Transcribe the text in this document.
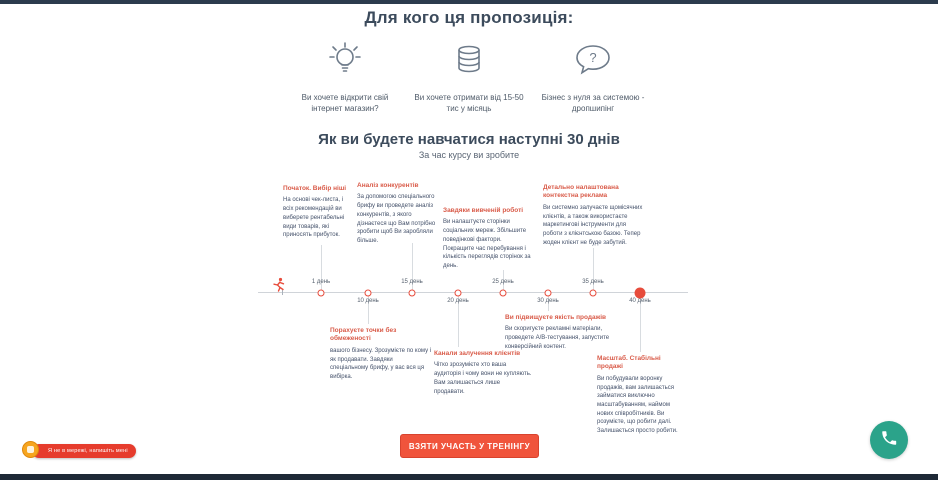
Для кого ця пропозиція:
Ви хочете відкрити свій інтернет магазин?
Ви хочете отримати від 15-50 тис у місяць
?
Бізнес з нуля за системою - дропшипінг
Як ви будете навчатися наступні 30 днів
За час курсу ви зробите
1 день
10 день
15 день
20 день
25 день
30 день
35 день
40 день
Початок. Вибір ніші
На основі чек-листа, і всіх рекомендацій ви виберете рентабельні види товарів, які приносять прибуток.
Аналіз конкурентів
За допомогою спеціального брифу ви проведете аналіз конкурентів, з якого дізнаєтеся що Вам потрібно зробити щоб Ви заробляли більше.
Завдяки вивченій роботі
Ви налаштуєте сторінки соціальних мереж. Збільшите поведінкові фактори. Покращите час перебування і кількість переглядів сторінок за день.
Детально налаштована контекстна реклама
Ви системно залучаєте щомісячних клієнтів, а також використаєте маркетингові інструменти для роботи з клієнтською базою. Тепер жоден клієнт не буде забутий.
Порахуєте точки без обмеженості
вашого бізнесу. Зрозумієте по кому і як продавати. Завдяки спеціальному брифу, у вас вся ця вибірка.
Канали залучення клієнтів
Чітко зрозумієте хто ваша аудиторія і чому вони не купляють. Вам залишається лише продавати.
Ви підвищуєте якість продажів
Ви скоригуєте рекламні матеріали, проведете A/B-тестування, запустите конверсійний контент.
Масштаб. Стабільні продажі
Ви побудували воронку продажів, вам залишається займатися виключно масштабуванням, наймом нових співробітників. Ви розумієте, що робити далі. Залишається просто робити.
ВЗЯТИ УЧАСТЬ У ТРЕНІНГУ
Я не в мережі, напишіть мені
